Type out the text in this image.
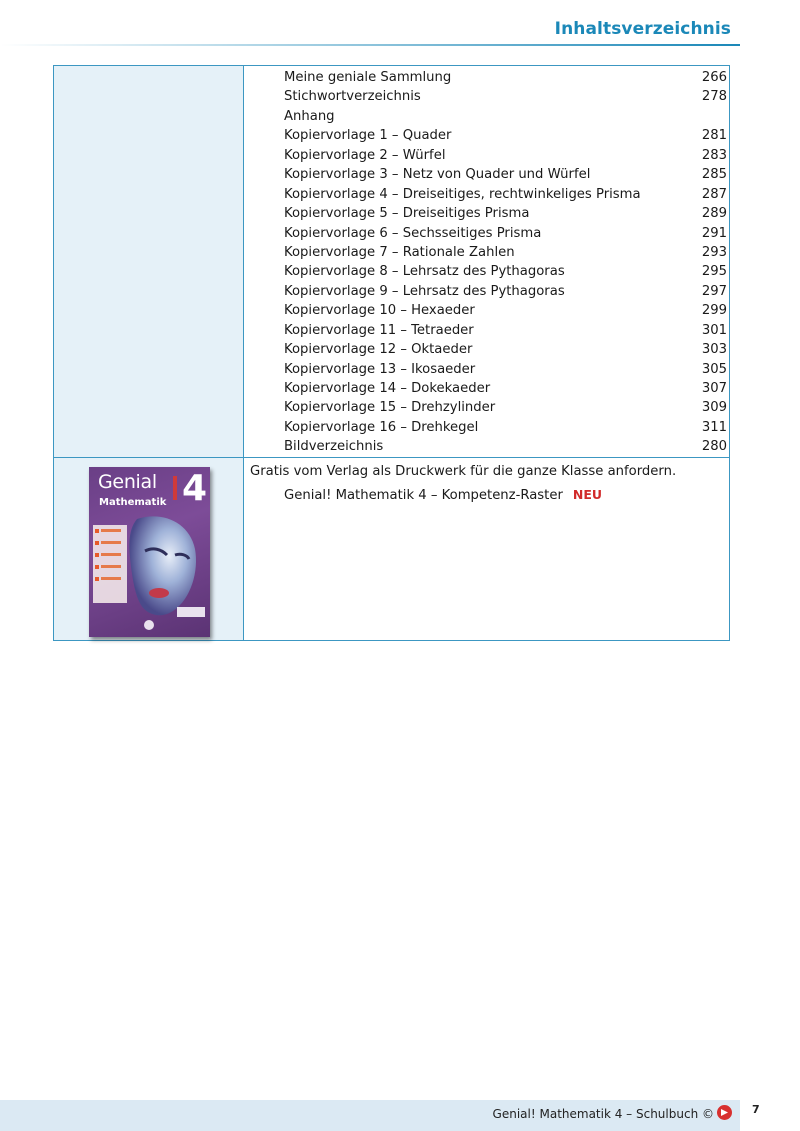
Inhaltsverzeichnis
Genial 4
Mathematik
Meine geniale Sammlung	266
Stichwortverzeichnis	278
Anhang
Kopiervorlage 1 – Quader	281
Kopiervorlage 2 – Würfel	283
Kopiervorlage 3 – Netz von Quader und Würfel	285
Kopiervorlage 4 – Dreiseitiges, rechtwinkeliges Prisma	287
Kopiervorlage 5 – Dreiseitiges Prisma	289
Kopiervorlage 6 – Sechsseitiges Prisma	291
Kopiervorlage 7 – Rationale Zahlen	293
Kopiervorlage 8 – Lehrsatz des Pythagoras	295
Kopiervorlage 9 – Lehrsatz des Pythagoras	297
Kopiervorlage 10 – Hexaeder	299
Kopiervorlage 11 – Tetraeder	301
Kopiervorlage 12 – Oktaeder	303
Kopiervorlage 13 – Ikosaeder	305
Kopiervorlage 14 – Dokekaeder	307
Kopiervorlage 15 – Drehzylinder	309
Kopiervorlage 16 – Drehkegel	311
Bildverzeichnis	280
Gratis vom Verlag als Druckwerk für die ganze Klasse anfordern.
Genial! Mathematik 4 – Kompetenz-Raster NEU
Genial! Mathematik 4 – Schulbuch ©	7
